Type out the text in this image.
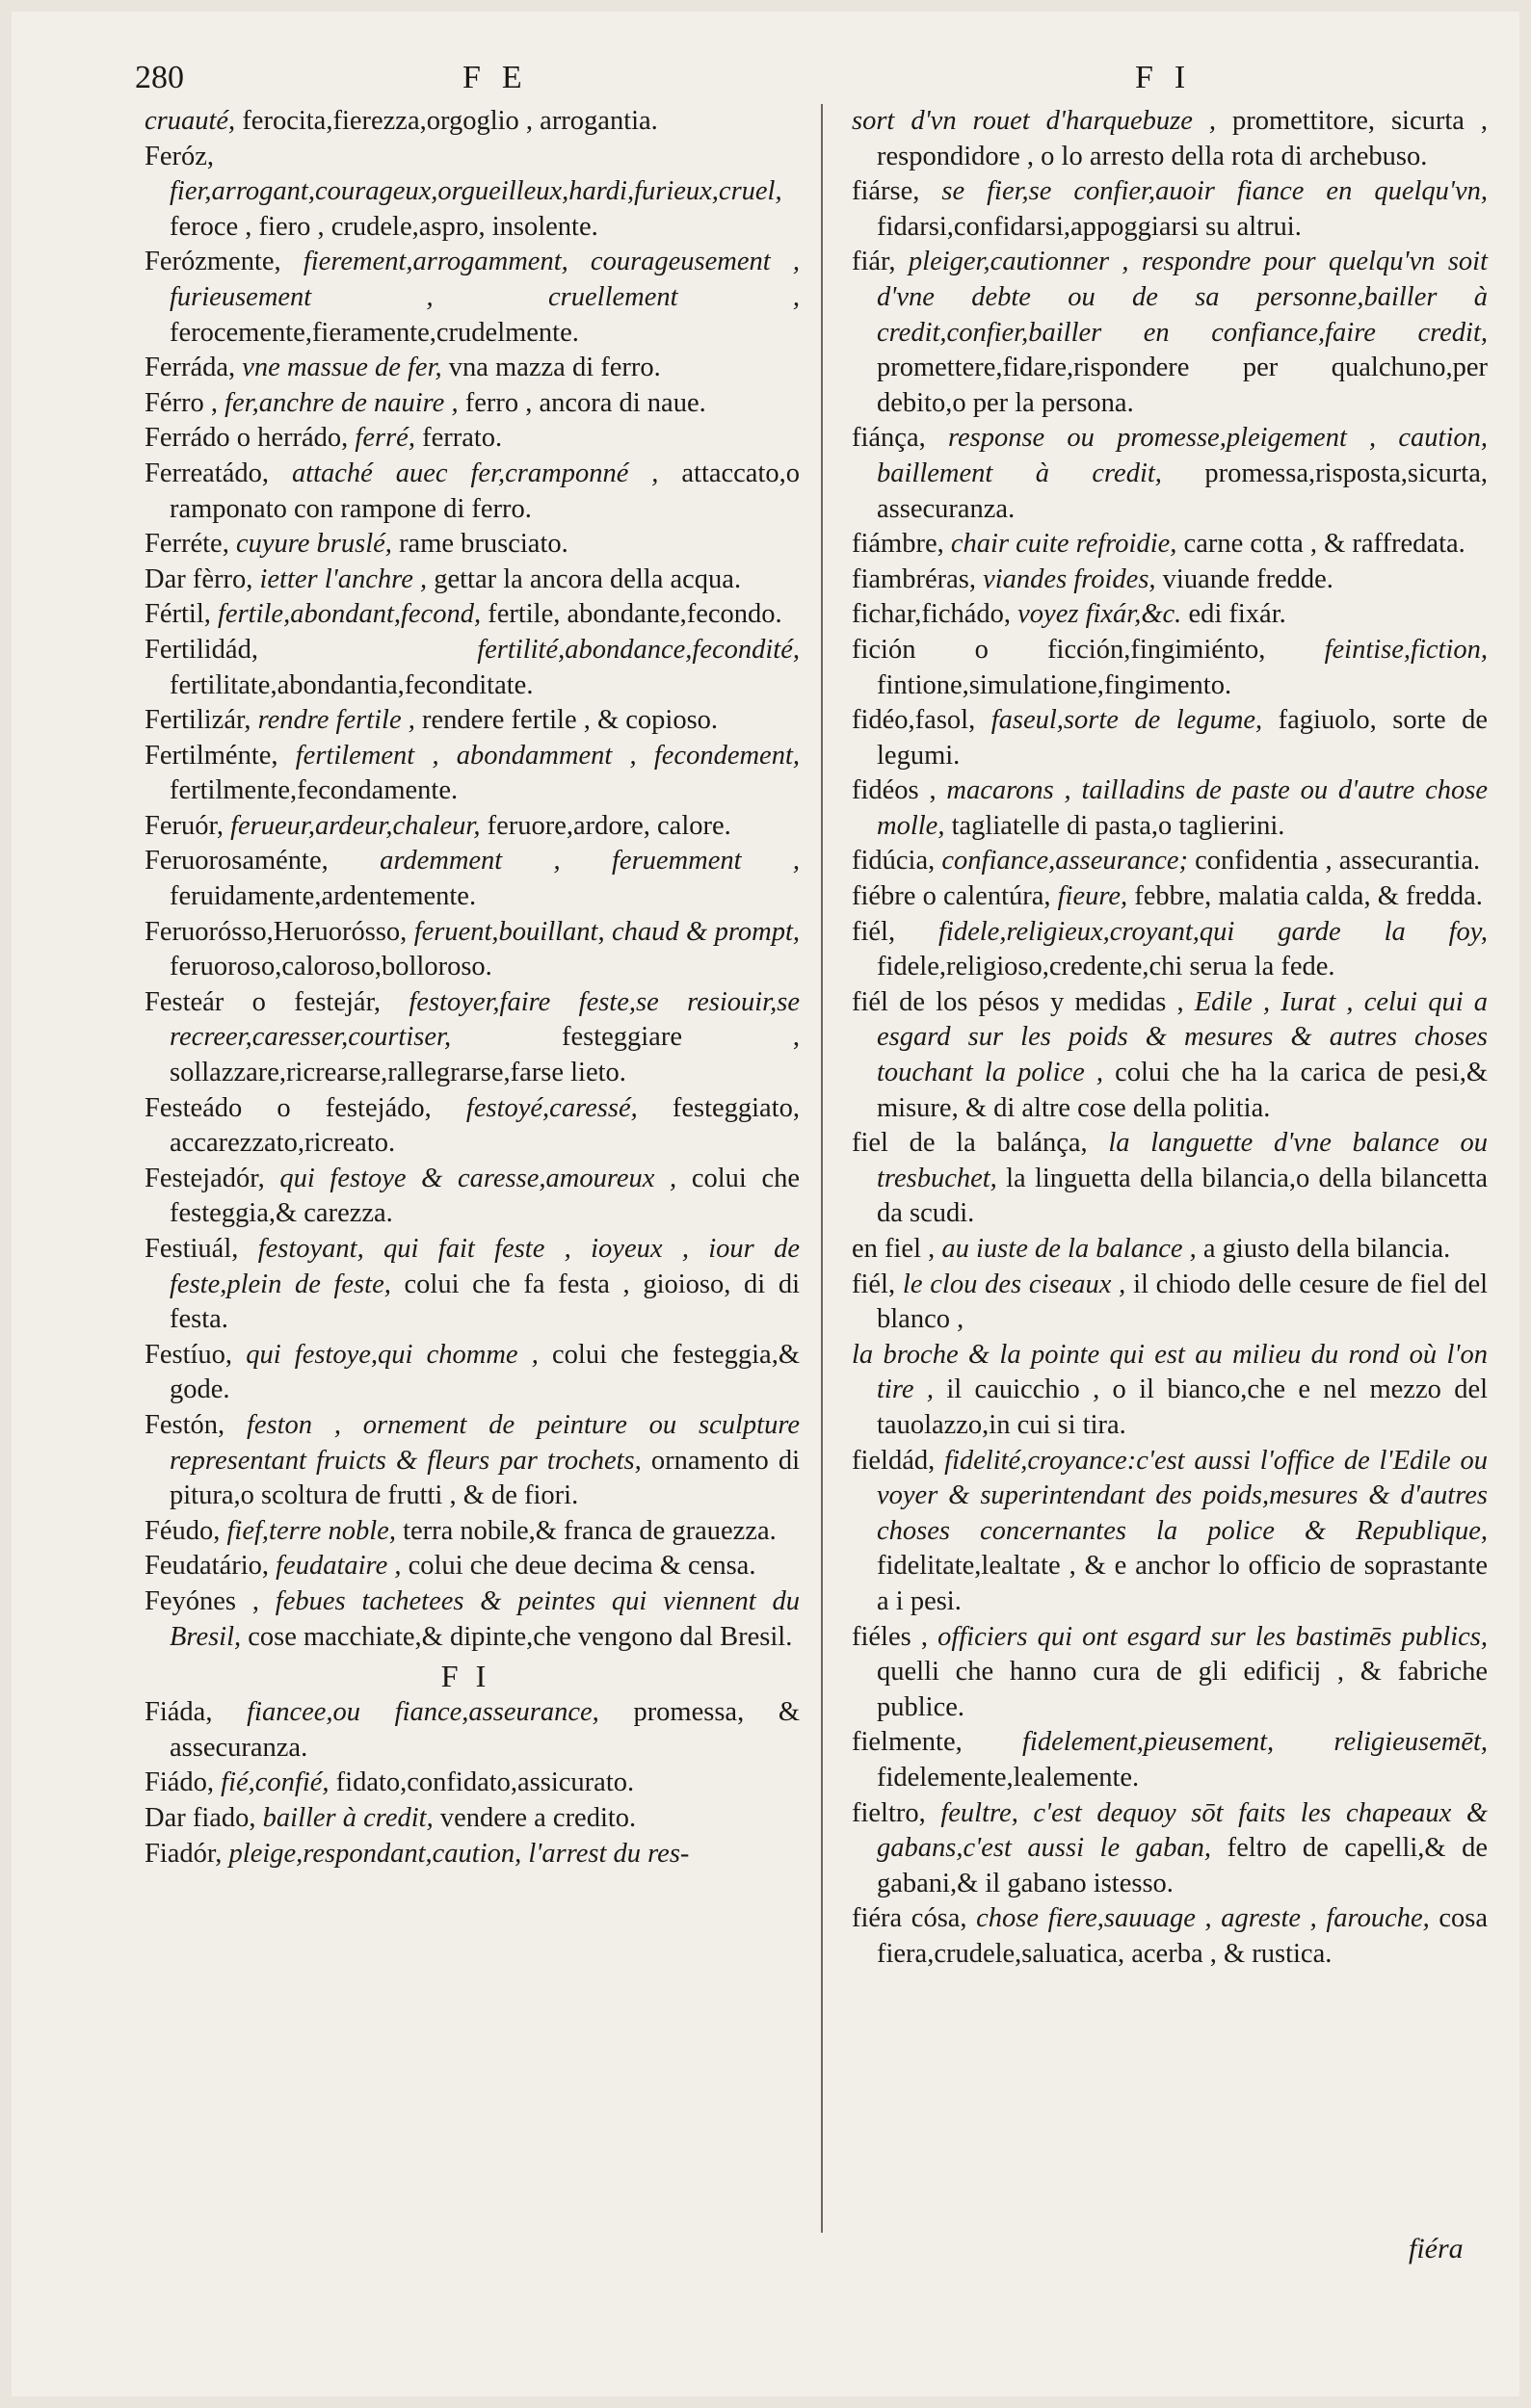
280	FE	FI

cruauté, ferocita,fierezza,orgoglio , arrogantia.

Feróz, fier,arrogant,courageux,orgueilleux,hardi,furieux,cruel, feroce , fiero , crudele,aspro, insolente.

Ferózmente, fierement,arrogamment, courageusement , furieusement , cruellement , ferocemente,fieramente,crudelmente.

Ferráda, vne massue de fer, vna mazza di ferro.

Férro , fer,anchre de nauire , ferro , ancora di naue.

Ferrádo o herrádo, ferré, ferrato.

Ferreatádo, attaché auec fer,cramponné , attaccato,o ramponato con rampone di ferro.

Ferréte, cuyure bruslé, rame brusciato.

Dar fèrro, ietter l'anchre , gettar la ancora della acqua.

Fértil, fertile,abondant,fecond, fertile, abondante,fecondo.

Fertilidád,	fertilité,abondance,fecondité, fertilitate,abondantia,feconditate.

Fertilizár, rendre fertile , rendere fertile , & copioso.

Fertilménte, fertilement , abondamment , fecondement, fertilmente,fecondamente.

Feruór, ferueur,ardeur,chaleur, feruore,ardore, calore.

Feruorosaménte, ardemment , feruemment , feruidamente,ardentemente.

Feruorósso,Heruorósso, feruent,bouillant, chaud & prompt, feruoroso,caloroso,bolloroso.

Festeár o festejár, festoyer,faire feste,se resiouir,se recreer,caresser,courtiser,	festeggiare , sollazzare,ricrearse,rallegrarse,farse lieto.

Festeádo o festejádo, festoyé,caressé, festeggiato, accarezzato,ricreato.

Festejadór, qui festoye & caresse,amoureux , colui che festeggia,& carezza.

Festiuál, festoyant, qui fait feste , ioyeux , iour de feste,plein de feste, colui che fa festa , gioioso, di di festa.

Festíuo, qui festoye,qui chomme , colui che festeggia,& gode.

Festón, feston , ornement de peinture ou sculpture representant fruicts & fleurs par trochets, ornamento di pitura,o scoltura de frutti , & de fiori.

Féudo, fief,terre noble, terra nobile,& franca de grauezza.

Feudatário, feudataire , colui che deue decima & censa.

Feyónes , febues tachetees & peintes qui viennent du Bresil, cose macchiate,& dipinte,che vengono dal Bresil.

FI

Fiáda, fiancee,ou fiance,asseurance, promessa, & assecuranza.

Fiádo, fié,confié, fidato,confidato,assicurato.

Dar fiado, bailler à credit, vendere a credito.

Fiadór, pleige,respondant,caution, l'arrest du res-

sort d'vn rouet d'harquebuze , promettitore, sicurta , respondidore , o lo arresto della rota di archebuso.

fiárse, se fier,se confier,auoir fiance en quelqu'vn, fidarsi,confidarsi,appoggiarsi su altrui.

fiár, pleiger,cautionner , respondre pour quelqu'vn soit d'vne debte ou de sa personne,bailler à credit,confier,bailler en confiance,faire credit, promettere,fidare,rispondere per qualchuno,per debito,o per la persona.

fiánça, response ou promesse,pleigement , caution, baillement à credit, promessa,risposta,sicurta, assecuranza.

fiámbre, chair cuite refroidie, carne cotta , & raffredata.

fiambréras, viandes froides, viuande fredde.

fichar,fichádo, voyez fixár,&c. edi fixár.

fición o ficción,fingimiénto, feintise,fiction, fintione,simulatione,fingimento.

fidéo,fasol, faseul,sorte de legume, fagiuolo, sorte de legumi.

fidéos , macarons , tailladins de paste ou d'autre chose molle, tagliatelle di pasta,o taglierini.

fidúcia, confiance,asseurance; confidentia , assecurantia.

fiébre o calentúra, fieure, febbre, malatia calda, & fredda.

fiél, fidele,religieux,croyant,qui garde la foy, fidele,religioso,credente,chi serua la fede.

fiél de los pésos y medidas , Edile , Iurat , celui qui a esgard sur les poids & mesures & autres choses touchant la police , colui che ha la carica de pesi,& misure, & di altre cose della politia.

fiel de la balánça, la languette d'vne balance ou tresbuchet, la linguetta della bilancia,o della bilancetta da scudi.

en fiel , au iuste de la balance , a giusto della bilancia.

fiél, le clou des ciseaux , il chiodo delle cesure de fiel del blanco ,

la broche & la pointe qui est au milieu du rond où l'on tire , il cauicchio , o il bianco,che e nel mezzo del tauolazzo,in cui si tira.

fieldád, fidelité,croyance:c'est aussi l'office de l'Edile ou voyer & superintendant des poids,mesures & d'autres choses concernantes la police & Republique, fidelitate,lealtate , & e anchor lo officio de soprastante a i pesi.

fiéles , officiers qui ont esgard sur les bastimēs publics, quelli che hanno cura de gli edificij , & fabriche publice.

fielmente, fidelement,pieusement, religieusemēt, fidelemente,lealemente.

fieltro, feultre, c'est dequoy sōt faits les chapeaux & gabans,c'est aussi le gaban, feltro de capelli,& de gabani,& il gabano istesso.

fiéra cósa, chose fiere,sauuage , agreste , farouche, cosa fiera,crudele,saluatica, acerba , & rustica.

fiéra
